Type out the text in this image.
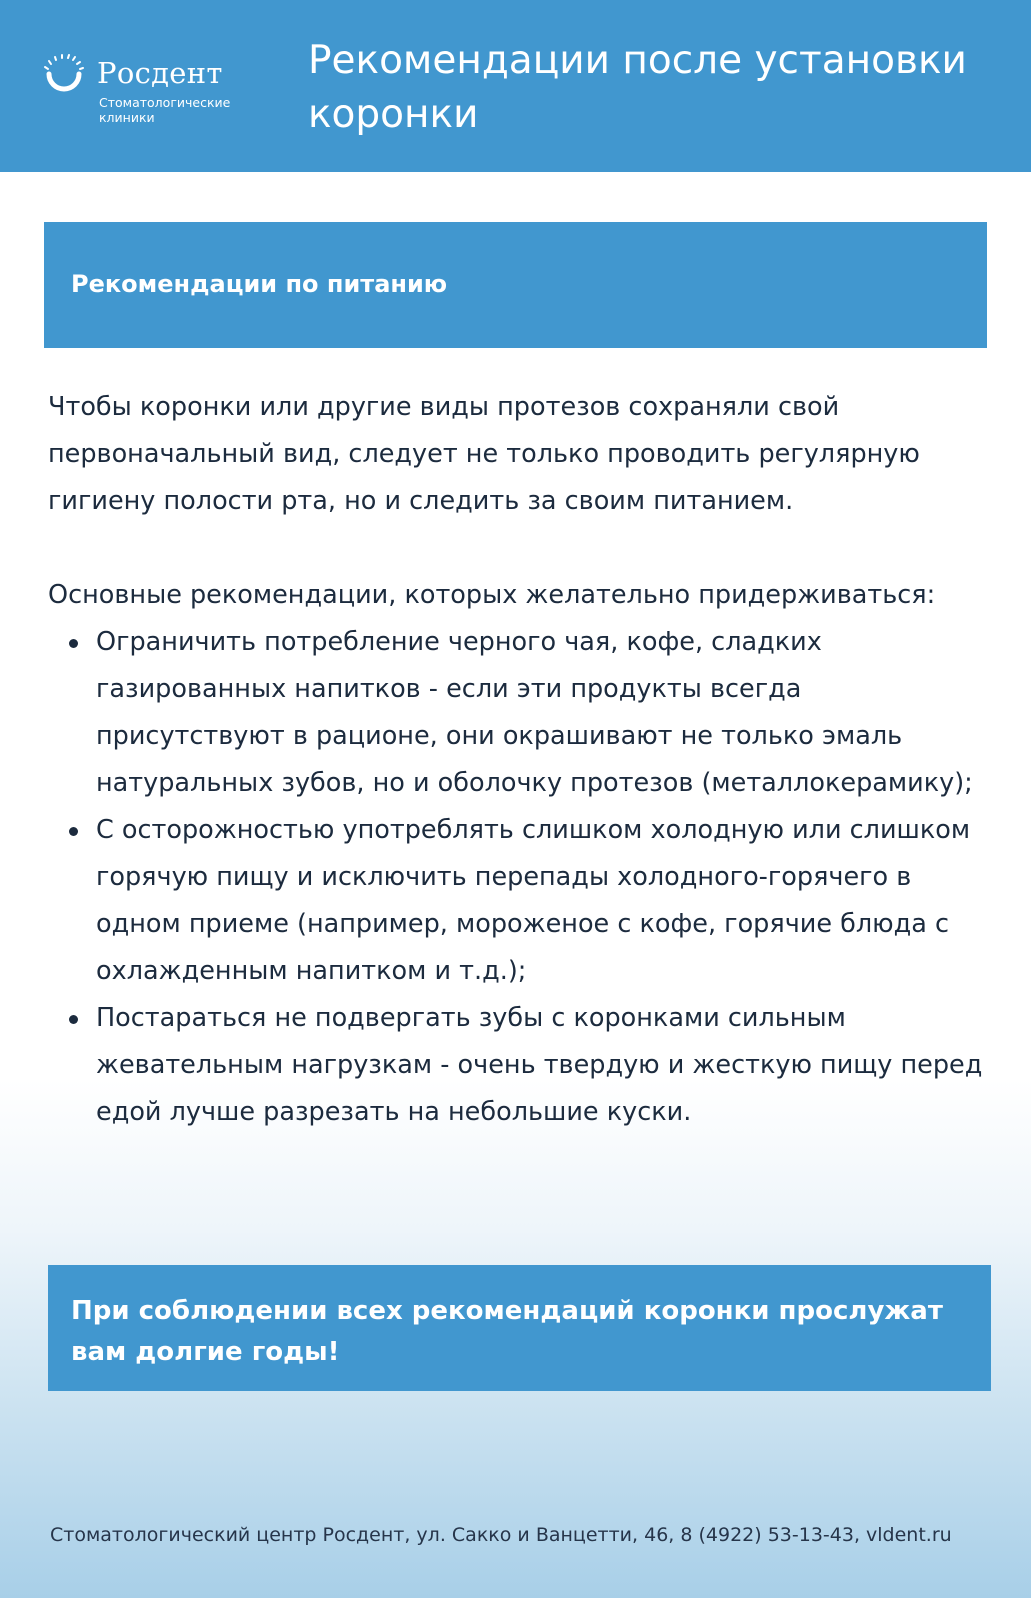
Росдент
Стоматологические клиники
Рекомендации после установки коронки
Рекомендации по питанию

Чтобы коронки или другие виды протезов сохраняли свой первоначальный вид, следует не только проводить регулярную гигиену полости рта, но и следить за своим питанием.

Основные рекомендации, которых желательно придерживаться:

Ограничить потребление черного чая, кофе, сладких газированных напитков - если эти продукты всегда присутствуют в рационе, они окрашивают не только эмаль натуральных зубов, но и оболочку протезов (металлокерамику);
С осторожностью употреблять слишком холодную или слишком горячую пищу и исключить перепады холодного-горячего в одном приеме (например, мороженое с кофе, горячие блюда с охлажденным напитком и т.д.);
Постараться не подвергать зубы с коронками сильным жевательным нагрузкам - очень твердую и жесткую пищу перед едой лучше разрезать на небольшие куски.

При соблюдении всех рекомендаций коронки прослужат вам долгие годы!

Стоматологический центр Росдент, ул. Сакко и Ванцетти, 46, 8 (4922) 53-13-43, vldent.ru
